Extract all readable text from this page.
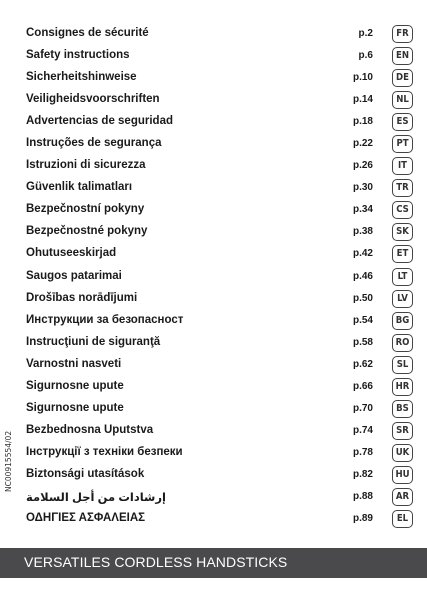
Consignes de sécurité	p.2	FR
Safety instructions	p.6	EN
Sicherheitshinweise	p.10	DE
Veiligheidsvoorschriften	p.14	NL
Advertencias de seguridad	p.18	ES
Instruções de segurança	p.22	PT
Istruzioni di sicurezza	p.26	IT
Güvenlik talimatları	p.30	TR
Bezpečnostní pokyny	p.34	CS
Bezpečnostné pokyny	p.38	SK
Ohutuseeskirjad	p.42	ET
Saugos patarimai	p.46	LT
Drošības norādījumi	p.50	LV
Инструкции за безопасност	p.54	BG
Instrucţiuni de siguranţă	p.58	RO
Varnostni nasveti	p.62	SL
Sigurnosne upute	p.66	HR
Sigurnosne upute	p.70	BS
Bezbednosna Uputstva	p.74	SR
Інструкції з техніки безпеки	p.78	UK
Biztonsági utasítások	p.82	HU
إرشادات من أجل السلامة	p.88	AR
ΟΔΗΓΙΕΣ ΑΣΦΑΛΕΙΑΣ	p.89	EL
NC00915554/02
VERSATILES CORDLESS HANDSTICKS
